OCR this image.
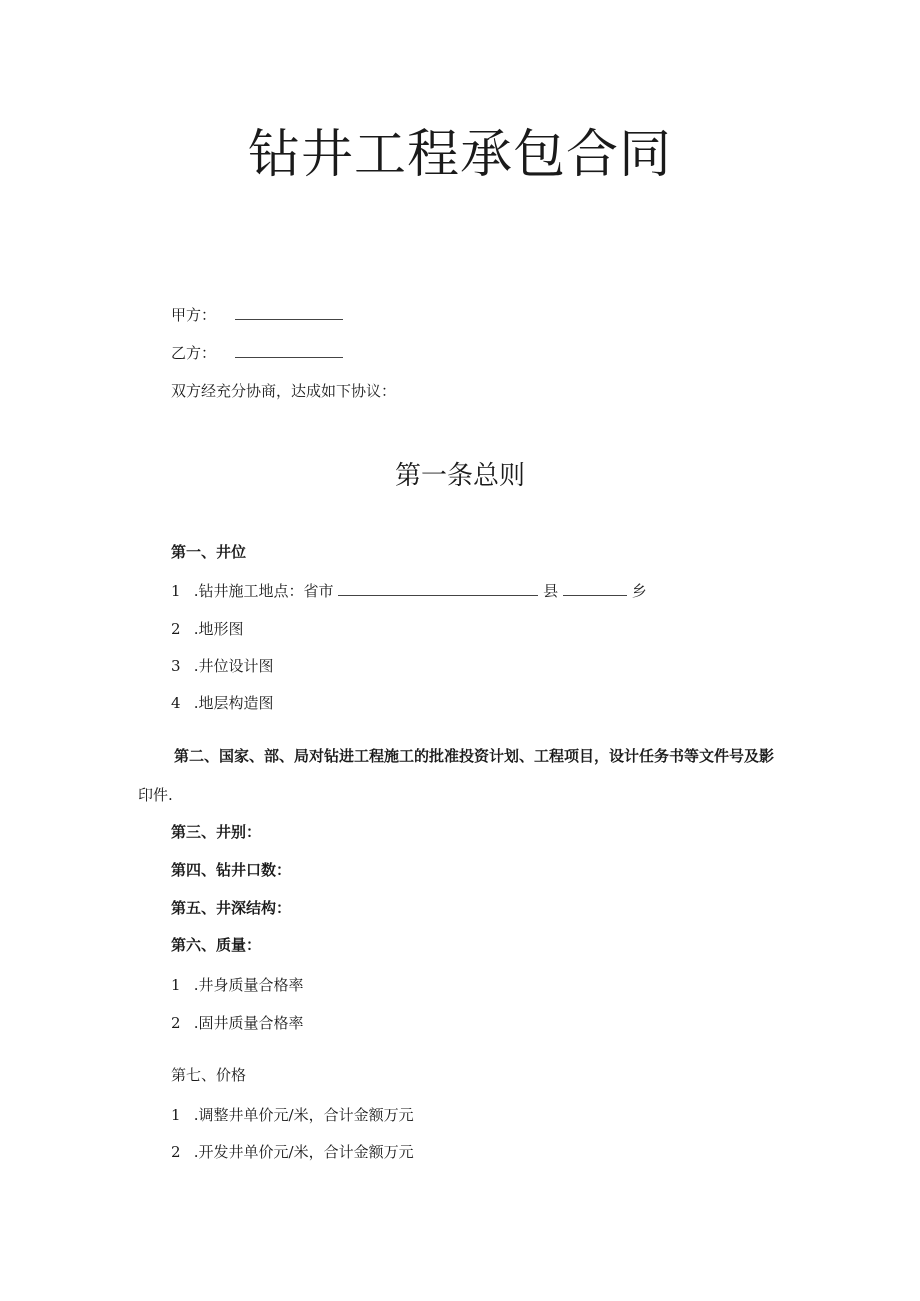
钻井工程承包合同
甲方：
乙方：
双方经充分协商，达成如下协议：
第一条总则
第一、井位
1 .钻井施工地点：省市	县	乡
2 .地形图
3 .井位设计图
4 .地层构造图
第二、国家、部、局对钻进工程施工的批准投资计划、工程项目，设计任务书等文件号及影
印件.
第三、井别：
第四、钻井口数：
第五、井深结构：
第六、质量：
1 .井身质量合格率
2 .固井质量合格率
第七、价格
1 .调整井单价元/米，合计金额万元
2 .开发井单价元/米，合计金额万元
